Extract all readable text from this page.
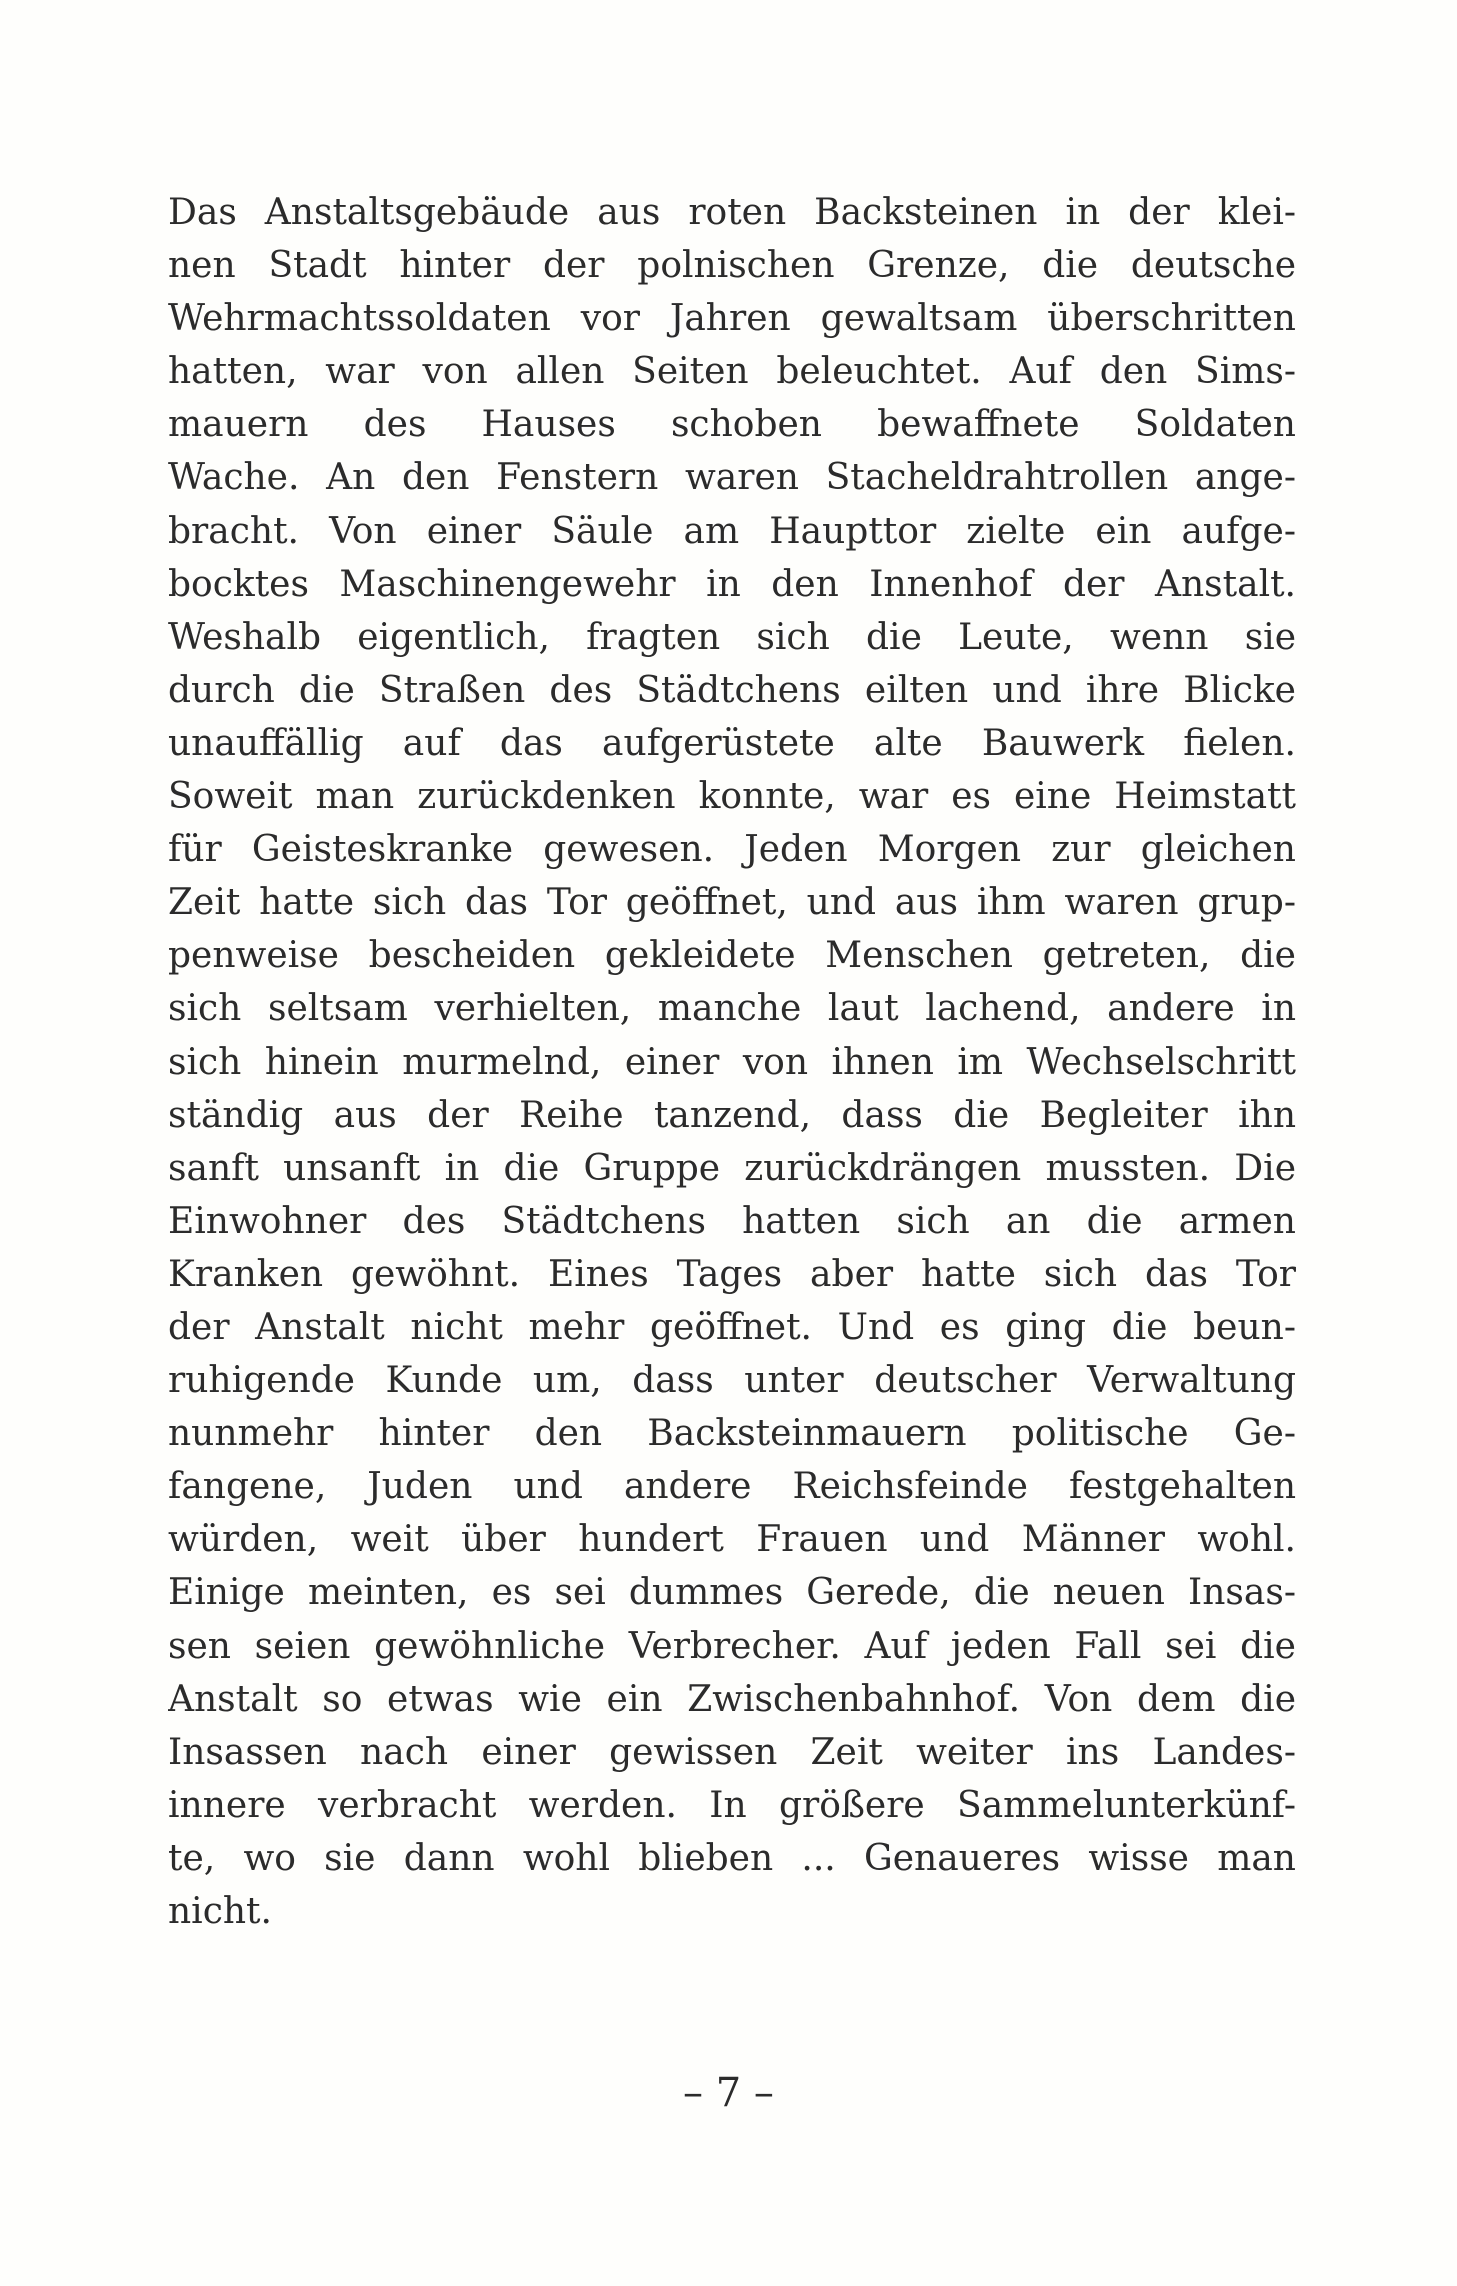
Das Anstaltsgebäude aus roten Backsteinen in der klei-
nen Stadt hinter der polnischen Grenze, die deutsche
Wehrmachtssoldaten vor Jahren gewaltsam überschritten
hatten, war von allen Seiten beleuchtet. Auf den Sims-
mauern des Hauses schoben bewaffnete Soldaten
Wache. An den Fenstern waren Stacheldrahtrollen ange-
bracht. Von einer Säule am Haupttor zielte ein aufge-
bocktes Maschinengewehr in den Innenhof der Anstalt.
Weshalb eigentlich, fragten sich die Leute, wenn sie
durch die Straßen des Städtchens eilten und ihre Blicke
unauffällig auf das aufgerüstete alte Bauwerk fielen.
Soweit man zurückdenken konnte, war es eine Heimstatt
für Geisteskranke gewesen. Jeden Morgen zur gleichen
Zeit hatte sich das Tor geöffnet, und aus ihm waren grup-
penweise bescheiden gekleidete Menschen getreten, die
sich seltsam verhielten, manche laut lachend, andere in
sich hinein murmelnd, einer von ihnen im Wechselschritt
ständig aus der Reihe tanzend, dass die Begleiter ihn
sanft unsanft in die Gruppe zurückdrängen mussten. Die
Einwohner des Städtchens hatten sich an die armen
Kranken gewöhnt. Eines Tages aber hatte sich das Tor
der Anstalt nicht mehr geöffnet. Und es ging die beun-
ruhigende Kunde um, dass unter deutscher Verwaltung
nunmehr hinter den Backsteinmauern politische Ge-
fangene, Juden und andere Reichsfeinde festgehalten
würden, weit über hundert Frauen und Männer wohl.
Einige meinten, es sei dummes Gerede, die neuen Insas-
sen seien gewöhnliche Verbrecher. Auf jeden Fall sei die
Anstalt so etwas wie ein Zwischenbahnhof. Von dem die
Insassen nach einer gewissen Zeit weiter ins Landes-
innere verbracht werden. In größere Sammelunterkünf-
te, wo sie dann wohl blieben ... Genaueres wisse man
nicht.
– 7 –
